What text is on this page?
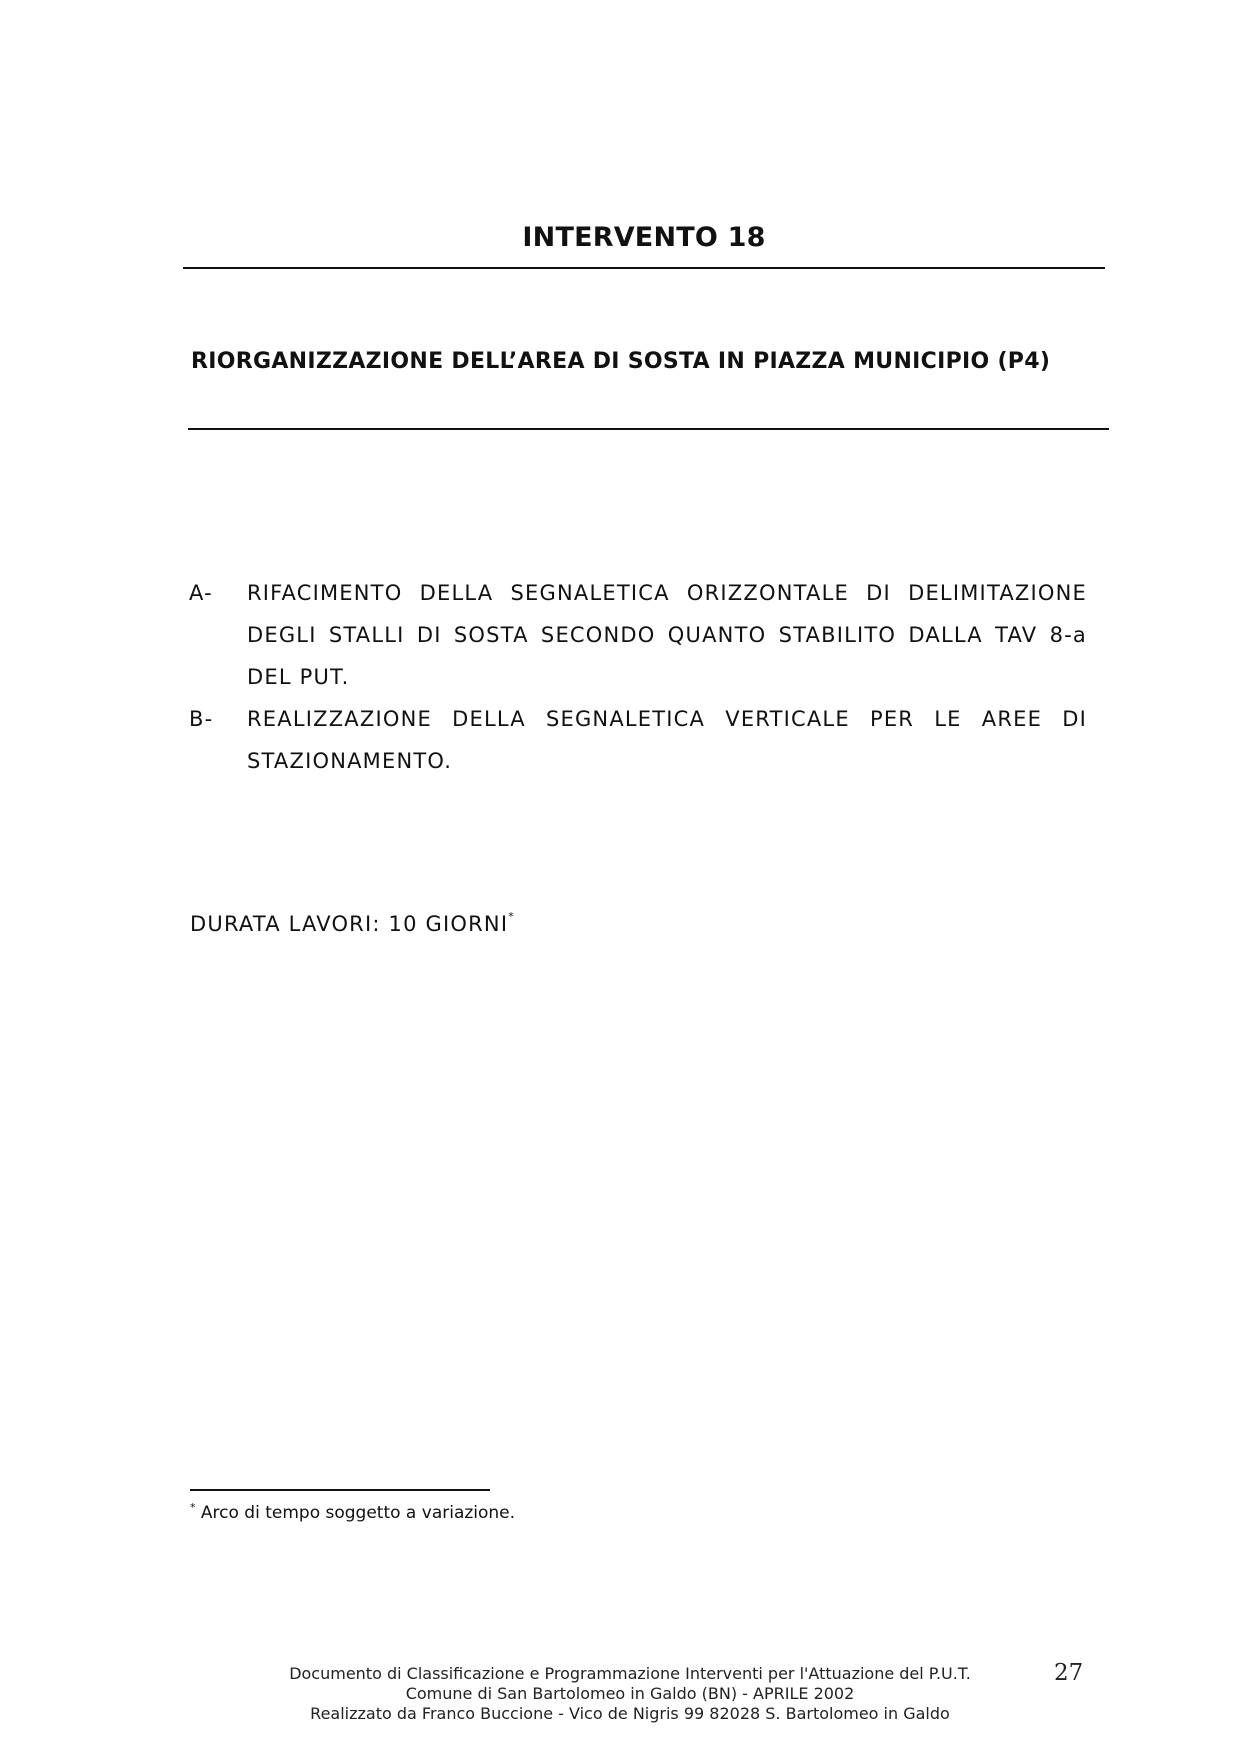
INTERVENTO 18
RIORGANIZZAZIONE DELL’AREA DI SOSTA IN PIAZZA MUNICIPIO (P4)
A- RIFACIMENTO DELLA SEGNALETICA ORIZZONTALE DI DELIMITAZIONE DEGLI STALLI DI SOSTA SECONDO QUANTO STABILITO DALLA TAV 8-a DEL PUT.
B- REALIZZAZIONE DELLA SEGNALETICA VERTICALE PER LE AREE DI STAZIONAMENTO.
DURATA LAVORI: 10 GIORNI*
* Arco di tempo soggetto a variazione.
Documento di Classificazione e Programmazione Interventi per l'Attuazione del P.U.T.
Comune di San Bartolomeo in Galdo (BN) - APRILE 2002
Realizzato da Franco Buccione - Vico de Nigris 99 82028 S. Bartolomeo in Galdo
27
